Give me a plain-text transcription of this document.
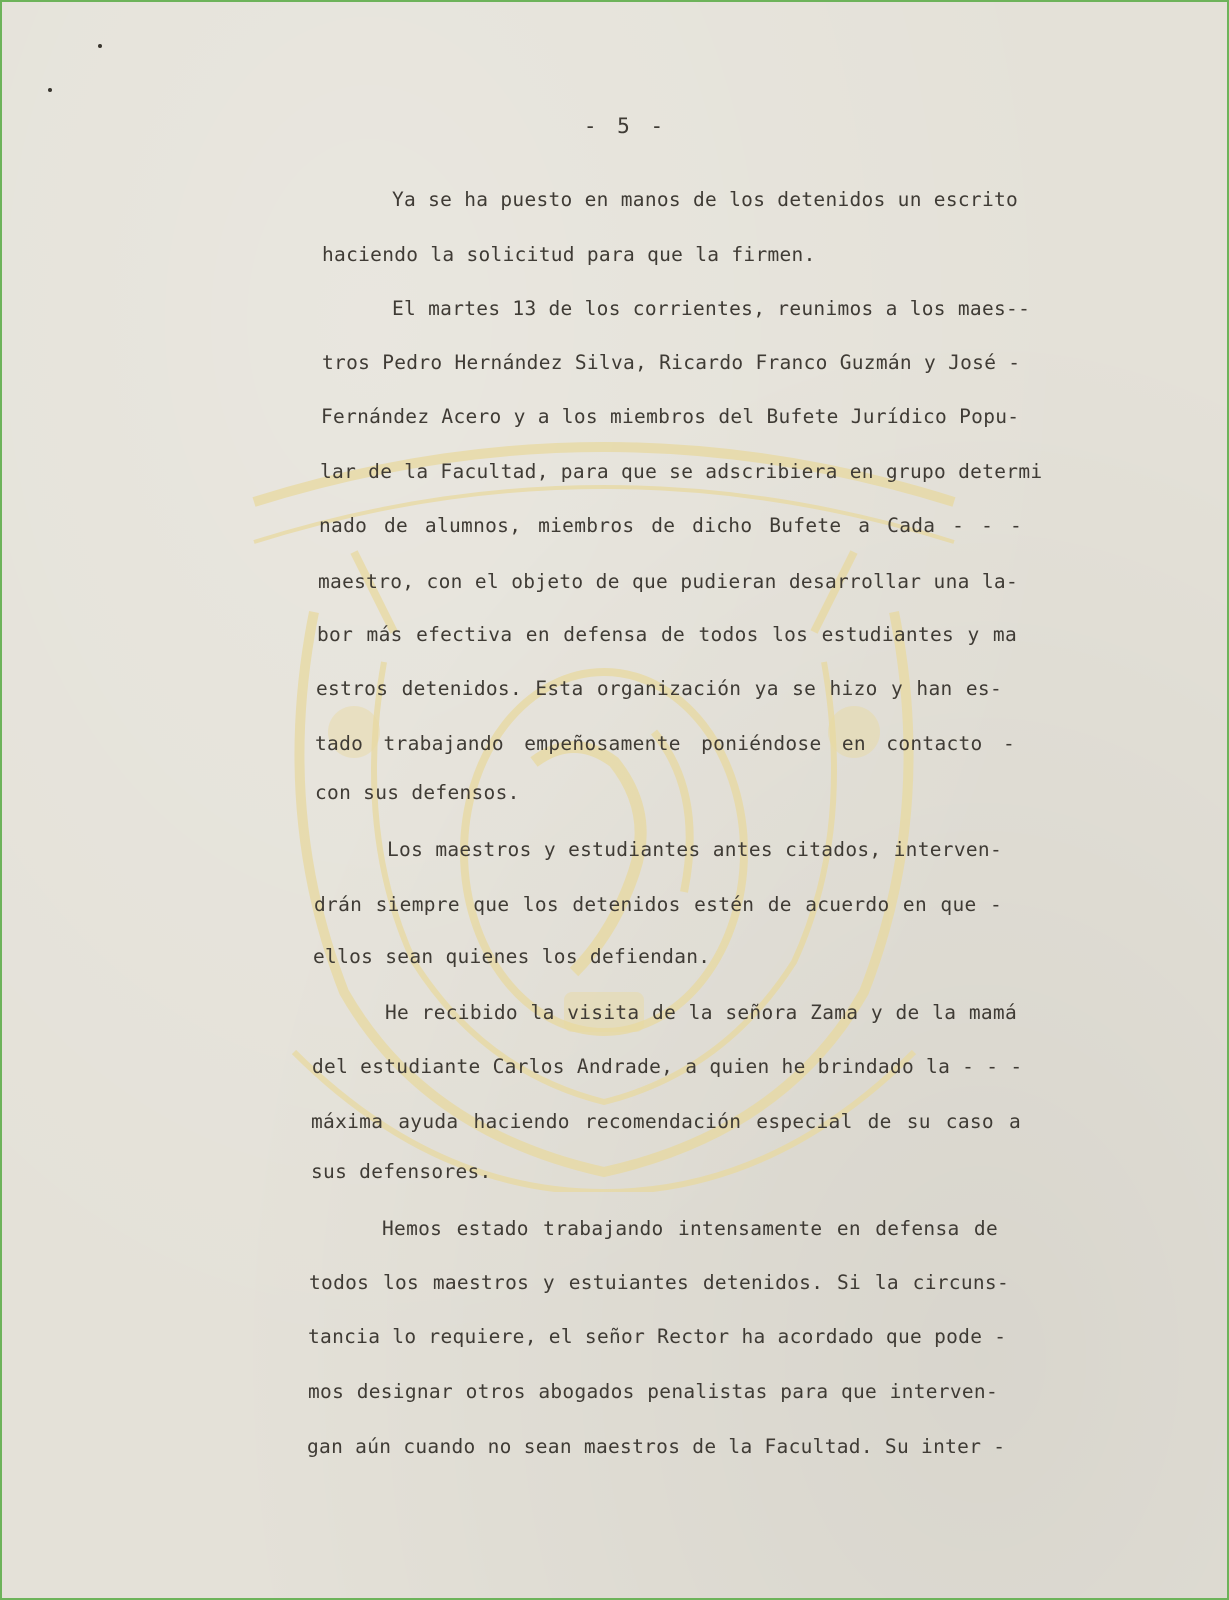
- 5 -
Ya se ha puesto en manos de los detenidos un escrito
haciendo la solicitud para que la firmen.
El martes 13 de los corrientes, reunimos a los maes--
tros Pedro Hernández Silva, Ricardo Franco Guzmán y José -
Fernández Acero y a los miembros del Bufete Jurídico Popu-
lar de la Facultad, para que se adscribiera en grupo determi
nado de alumnos, miembros de dicho Bufete a Cada - - -
maestro, con el objeto de que pudieran desarrollar una la-
bor más efectiva en defensa de todos los estudiantes y ma
estros detenidos. Esta organización ya se hizo y han es-
tado trabajando empeñosamente poniéndose en contacto -
con sus defensos.
Los maestros y estudiantes antes citados, interven-
drán siempre que los detenidos estén de acuerdo en que -
ellos sean quienes los defiendan.
He recibido la visita de la señora Zama y de la mamá
del estudiante Carlos Andrade, a quien he brindado la - - -
máxima ayuda haciendo recomendación especial de su caso a
sus defensores.
Hemos estado trabajando intensamente en defensa de
todos los maestros y estuiantes detenidos. Si la circuns-
tancia lo requiere, el señor Rector ha acordado que pode -
mos designar otros abogados penalistas para que interven-
gan aún cuando no sean maestros de la Facultad. Su inter -
